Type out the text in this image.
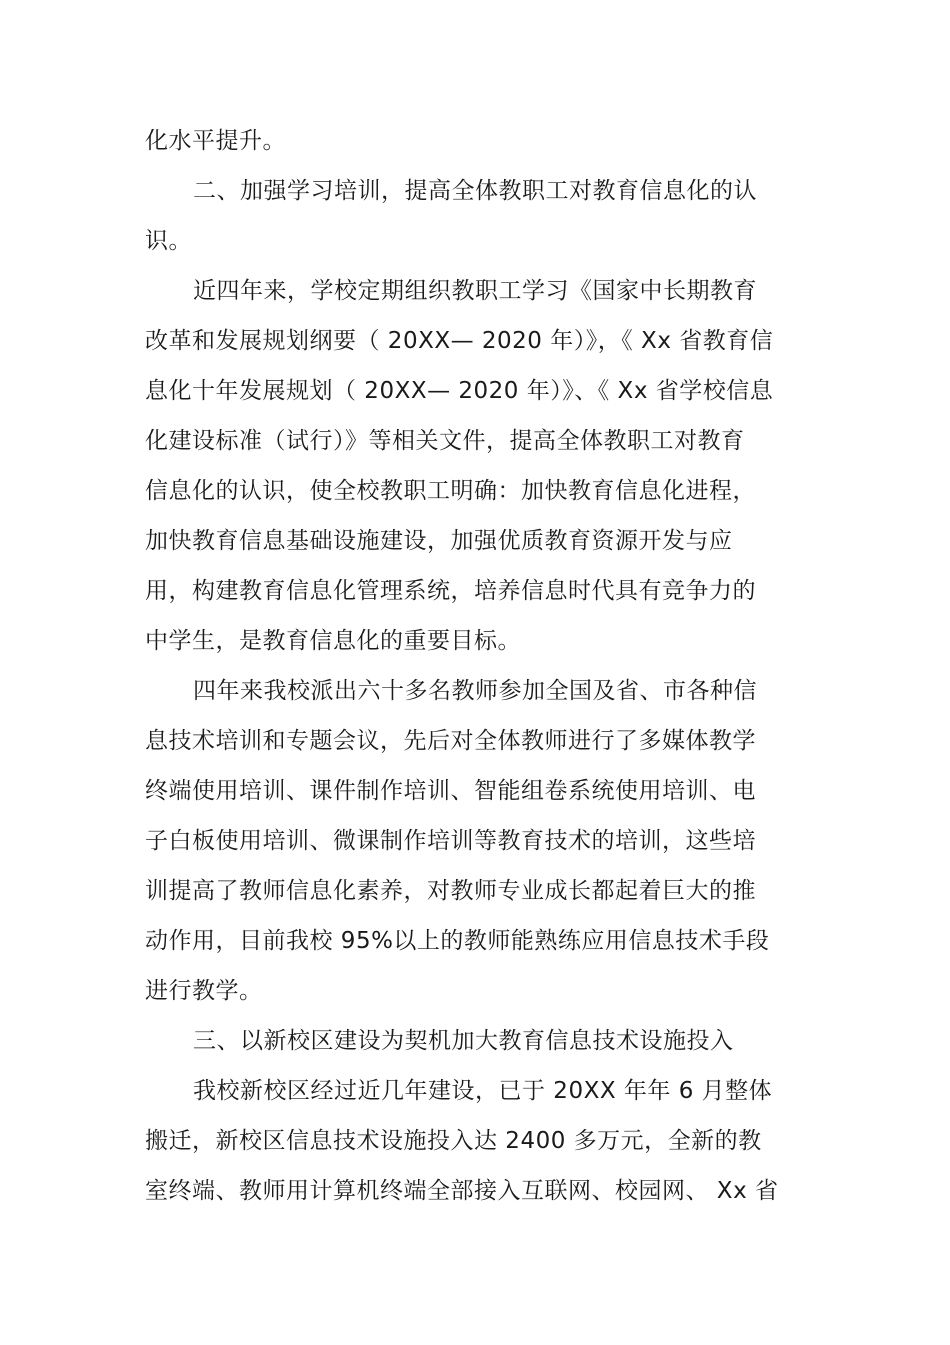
化水平提升。
二、加强学习培训，提高全体教职工对教育信息化的认
识。
近四年来，学校定期组织教职工学习《国家中长期教育
改革和发展规划纲要（ 20XX— 2020 年）》，《 Xx 省教育信
息化十年发展规划（ 20XX— 2020 年）》、《 Xx 省学校信息
化建设标准（试行）》等相关文件，提高全体教职工对教育
信息化的认识，使全校教职工明确：加快教育信息化进程，
加快教育信息基础设施建设，加强优质教育资源开发与应
用，构建教育信息化管理系统，培养信息时代具有竞争力的
中学生，是教育信息化的重要目标。
四年来我校派出六十多名教师参加全国及省、市各种信
息技术培训和专题会议，先后对全体教师进行了多媒体教学
终端使用培训、课件制作培训、智能组卷系统使用培训、电
子白板使用培训、微课制作培训等教育技术的培训，这些培
训提高了教师信息化素养，对教师专业成长都起着巨大的推
动作用，目前我校 95%以上的教师能熟练应用信息技术手段
进行教学。
三、以新校区建设为契机加大教育信息技术设施投入
我校新校区经过近几年建设，已于 20XX 年年 6 月整体
搬迁，新校区信息技术设施投入达 2400 多万元，全新的教
室终端、教师用计算机终端全部接入互联网、校园网、 Xx 省
